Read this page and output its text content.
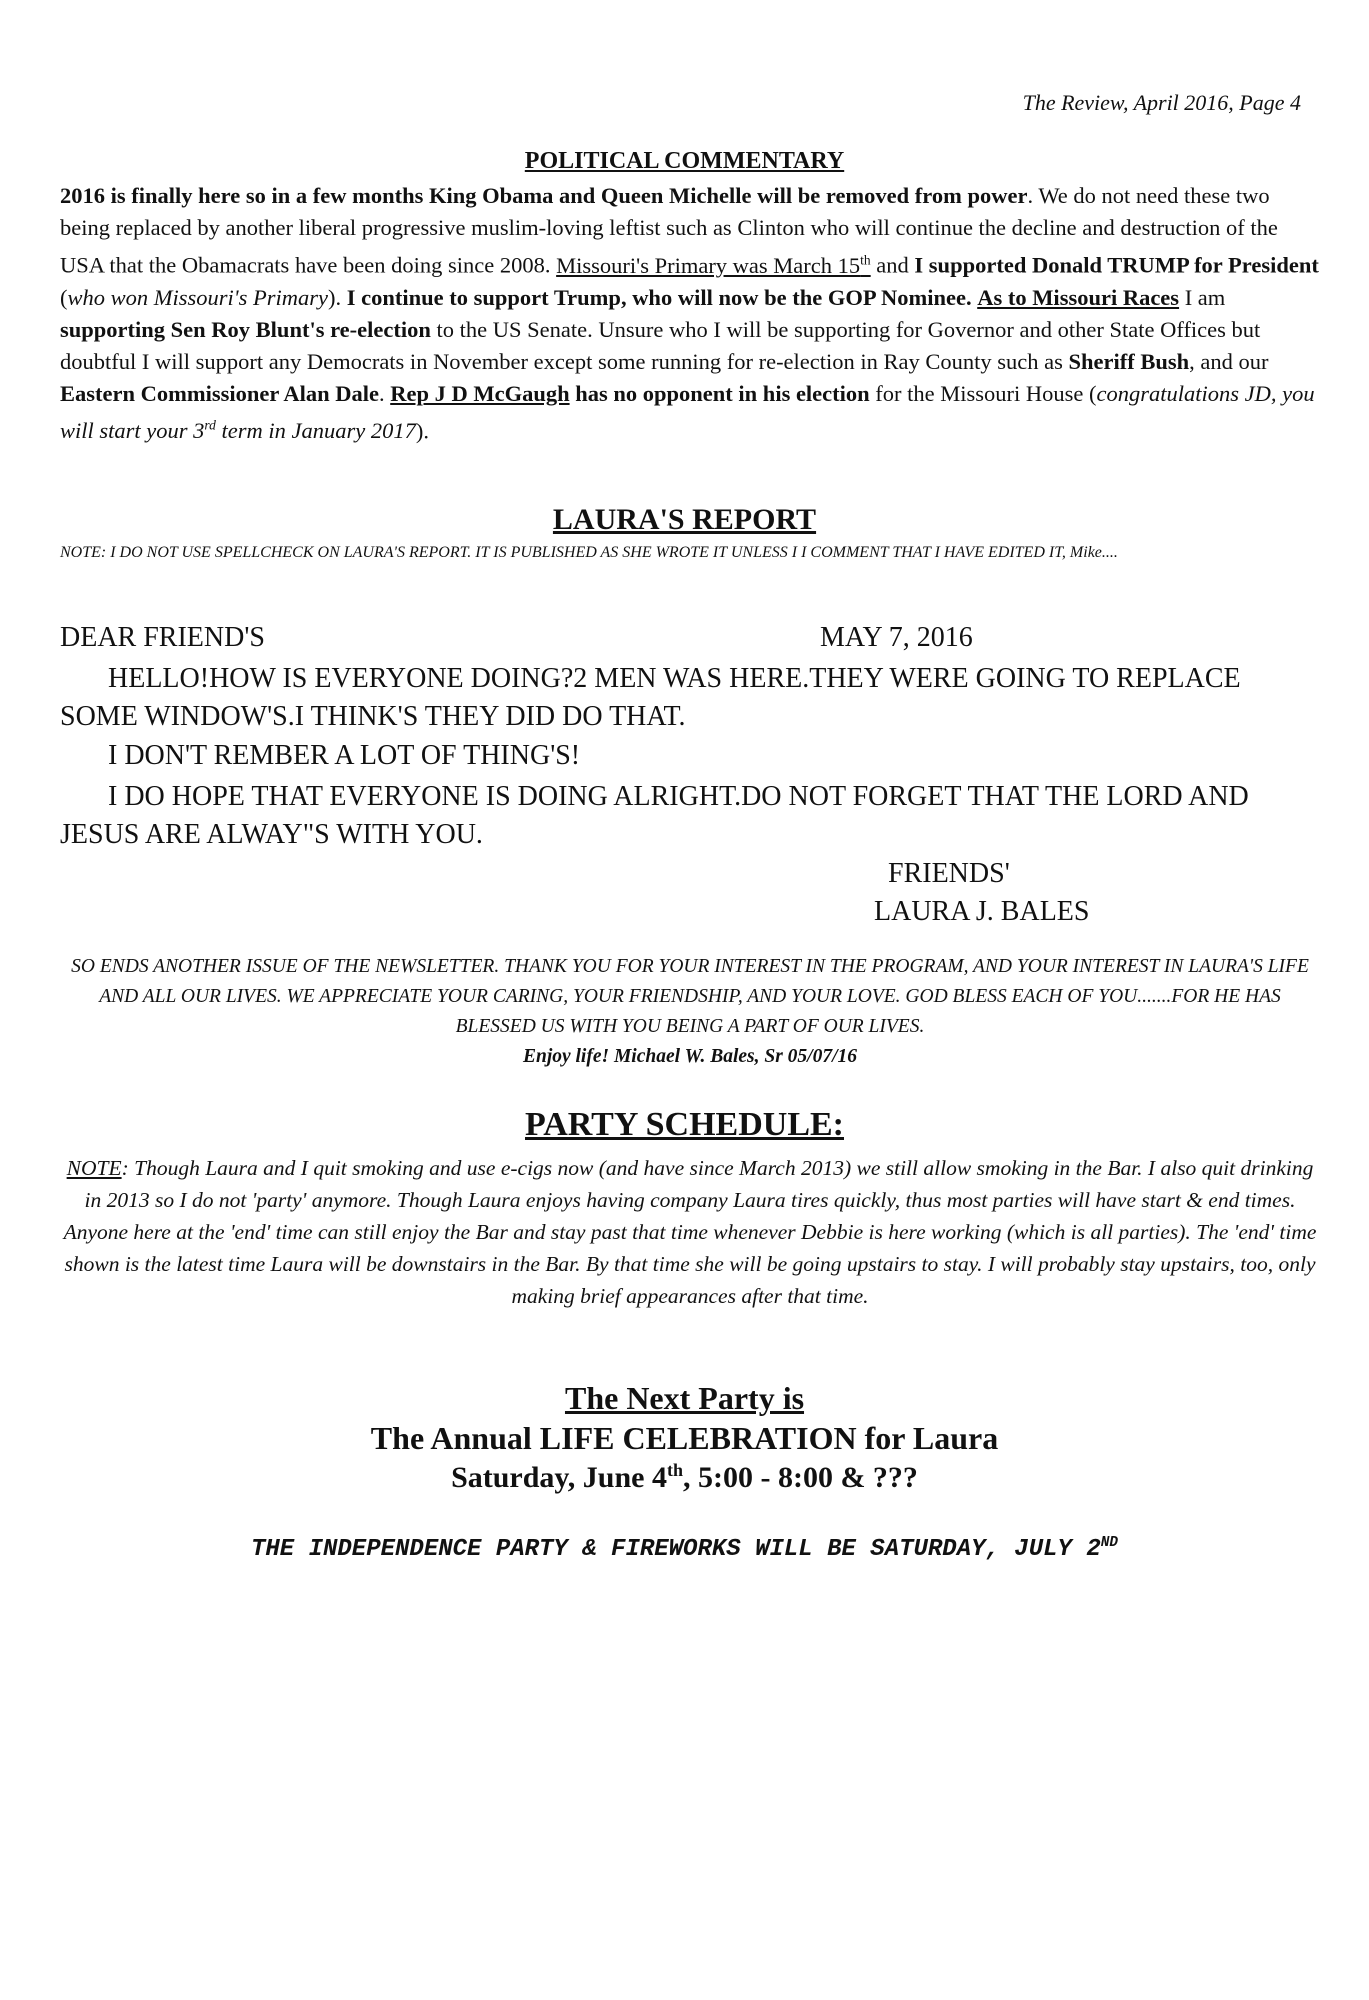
The Review, April 2016, Page 4
POLITICAL COMMENTARY
2016 is finally here so in a few months King Obama and Queen Michelle will be removed from power. We do not need these two being replaced by another liberal progressive muslim-loving leftist such as Clinton who will continue the decline and destruction of the USA that the Obamacrats have been doing since 2008. Missouri's Primary was March 15th and I supported Donald TRUMP for President (who won Missouri's Primary). I continue to support Trump, who will now be the GOP Nominee. As to Missouri Races I am supporting Sen Roy Blunt's re-election to the US Senate. Unsure who I will be supporting for Governor and other State Offices but doubtful I will support any Democrats in November except some running for re-election in Ray County such as Sheriff Bush, and our Eastern Commissioner Alan Dale. Rep J D McGaugh has no opponent in his election for the Missouri House (congratulations JD, you will start your 3rd term in January 2017).
LAURA'S REPORT
NOTE: I DO NOT USE SPELLCHECK ON LAURA'S REPORT. IT IS PUBLISHED AS SHE WROTE IT UNLESS I I COMMENT THAT I HAVE EDITED IT, Mike....
DEAR FRIEND'S	MAY 7, 2016
HELLO!HOW IS EVERYONE DOING?2 MEN WAS HERE.THEY WERE GOING TO REPLACE SOME WINDOW'S.I THINK'S THEY DID DO THAT.
I DON'T REMBER A LOT OF THING'S!
I DO HOPE THAT EVERYONE IS DOING ALRIGHT.DO NOT FORGET THAT THE LORD AND JESUS ARE ALWAY"S WITH YOU.
FRIENDS'
LAURA J. BALES
SO ENDS ANOTHER ISSUE OF THE NEWSLETTER. THANK YOU FOR YOUR INTEREST IN THE PROGRAM, AND YOUR INTEREST IN LAURA'S LIFE AND ALL OUR LIVES. WE APPRECIATE YOUR CARING, YOUR FRIENDSHIP, AND YOUR LOVE. GOD BLESS EACH OF YOU.......FOR HE HAS BLESSED US WITH YOU BEING A PART OF OUR LIVES.
Enjoy life! Michael W. Bales, Sr 05/07/16
PARTY SCHEDULE:
NOTE: Though Laura and I quit smoking and use e-cigs now (and have since March 2013) we still allow smoking in the Bar. I also quit drinking in 2013 so I do not 'party' anymore. Though Laura enjoys having company Laura tires quickly, thus most parties will have start & end times. Anyone here at the 'end' time can still enjoy the Bar and stay past that time whenever Debbie is here working (which is all parties). The 'end' time shown is the latest time Laura will be downstairs in the Bar. By that time she will be going upstairs to stay. I will probably stay upstairs, too, only making brief appearances after that time.
The Next Party is
The Annual LIFE CELEBRATION for Laura
Saturday, June 4th, 5:00 - 8:00 & ???
THE INDEPENDENCE PARTY & FIREWORKS WILL BE SATURDAY, JULY 2ND
